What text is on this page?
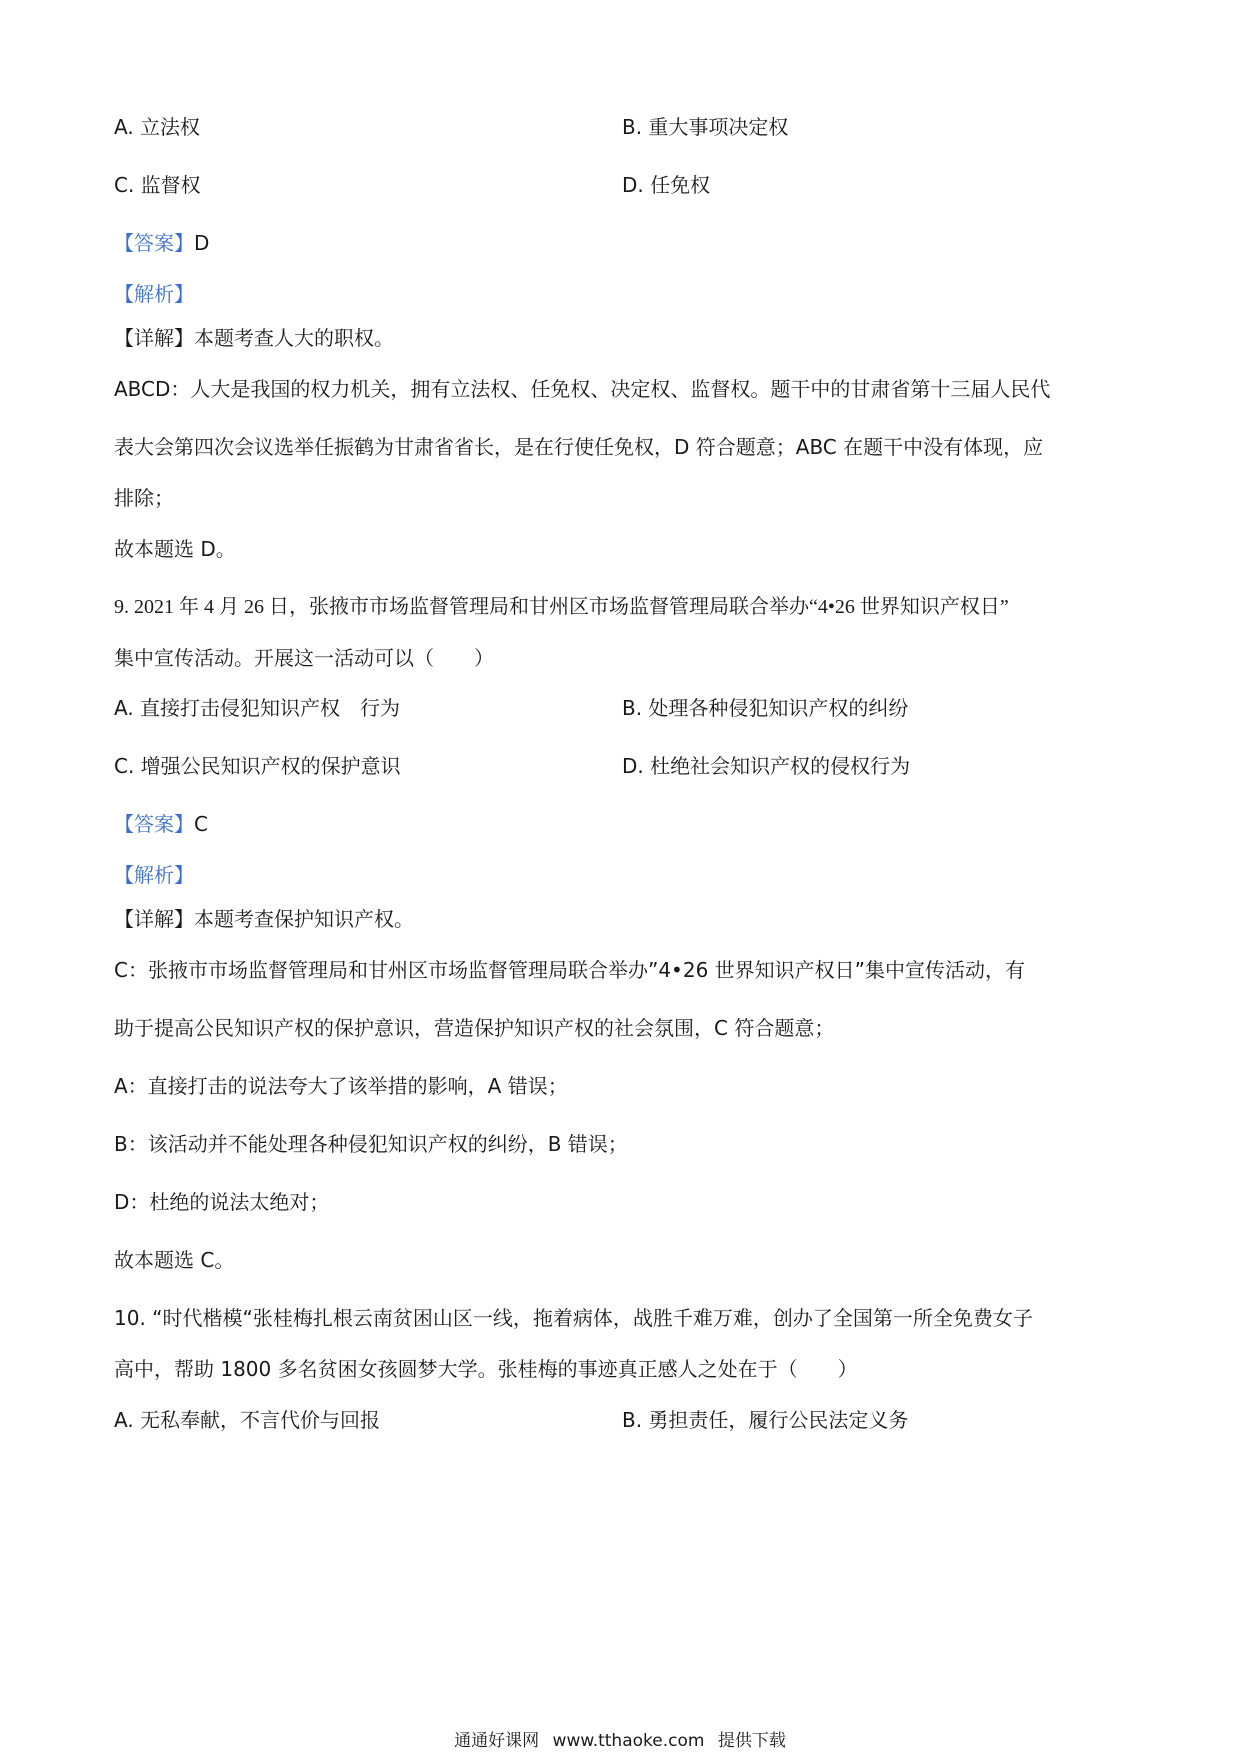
A. 立法权	B. 重大事项决定权
C. 监督权	D. 任免权
【答案】D
【解析】
【详解】本题考查人大的职权。
ABCD：人大是我国的权力机关，拥有立法权、任免权、决定权、监督权。题干中的甘肃省第十三届人民代
表大会第四次会议选举任振鹤为甘肃省省长，是在行使任免权，D 符合题意；ABC 在题干中没有体现，应
排除；
故本题选 D。
9. 2021 年 4 月 26 日，张掖市市场监督管理局和甘州区市场监督管理局联合举办“4•26 世界知识产权日”
集中宣传活动。开展这一活动可以（　　）
A. 直接打击侵犯知识产权　行为	B. 处理各种侵犯知识产权的纠纷
C. 增强公民知识产权的保护意识	D. 杜绝社会知识产权的侵权行为
【答案】C
【解析】
【详解】本题考查保护知识产权。
C：张掖市市场监督管理局和甘州区市场监督管理局联合举办”4•26 世界知识产权日”集中宣传活动，有
助于提高公民知识产权的保护意识，营造保护知识产权的社会氛围，C 符合题意；
A：直接打击的说法夸大了该举措的影响，A 错误；
B：该活动并不能处理各种侵犯知识产权的纠纷，B 错误；
D：杜绝的说法太绝对；
故本题选 C。
10. “时代楷模“张桂梅扎根云南贫困山区一线，拖着病体，战胜千难万难，创办了全国第一所全免费女子
高中，帮助 1800 多名贫困女孩圆梦大学。张桂梅的事迹真正感人之处在于（　　）
A. 无私奉献，不言代价与回报	B. 勇担责任，履行公民法定义务
通通好课网 www.tthaoke.com 提供下载
